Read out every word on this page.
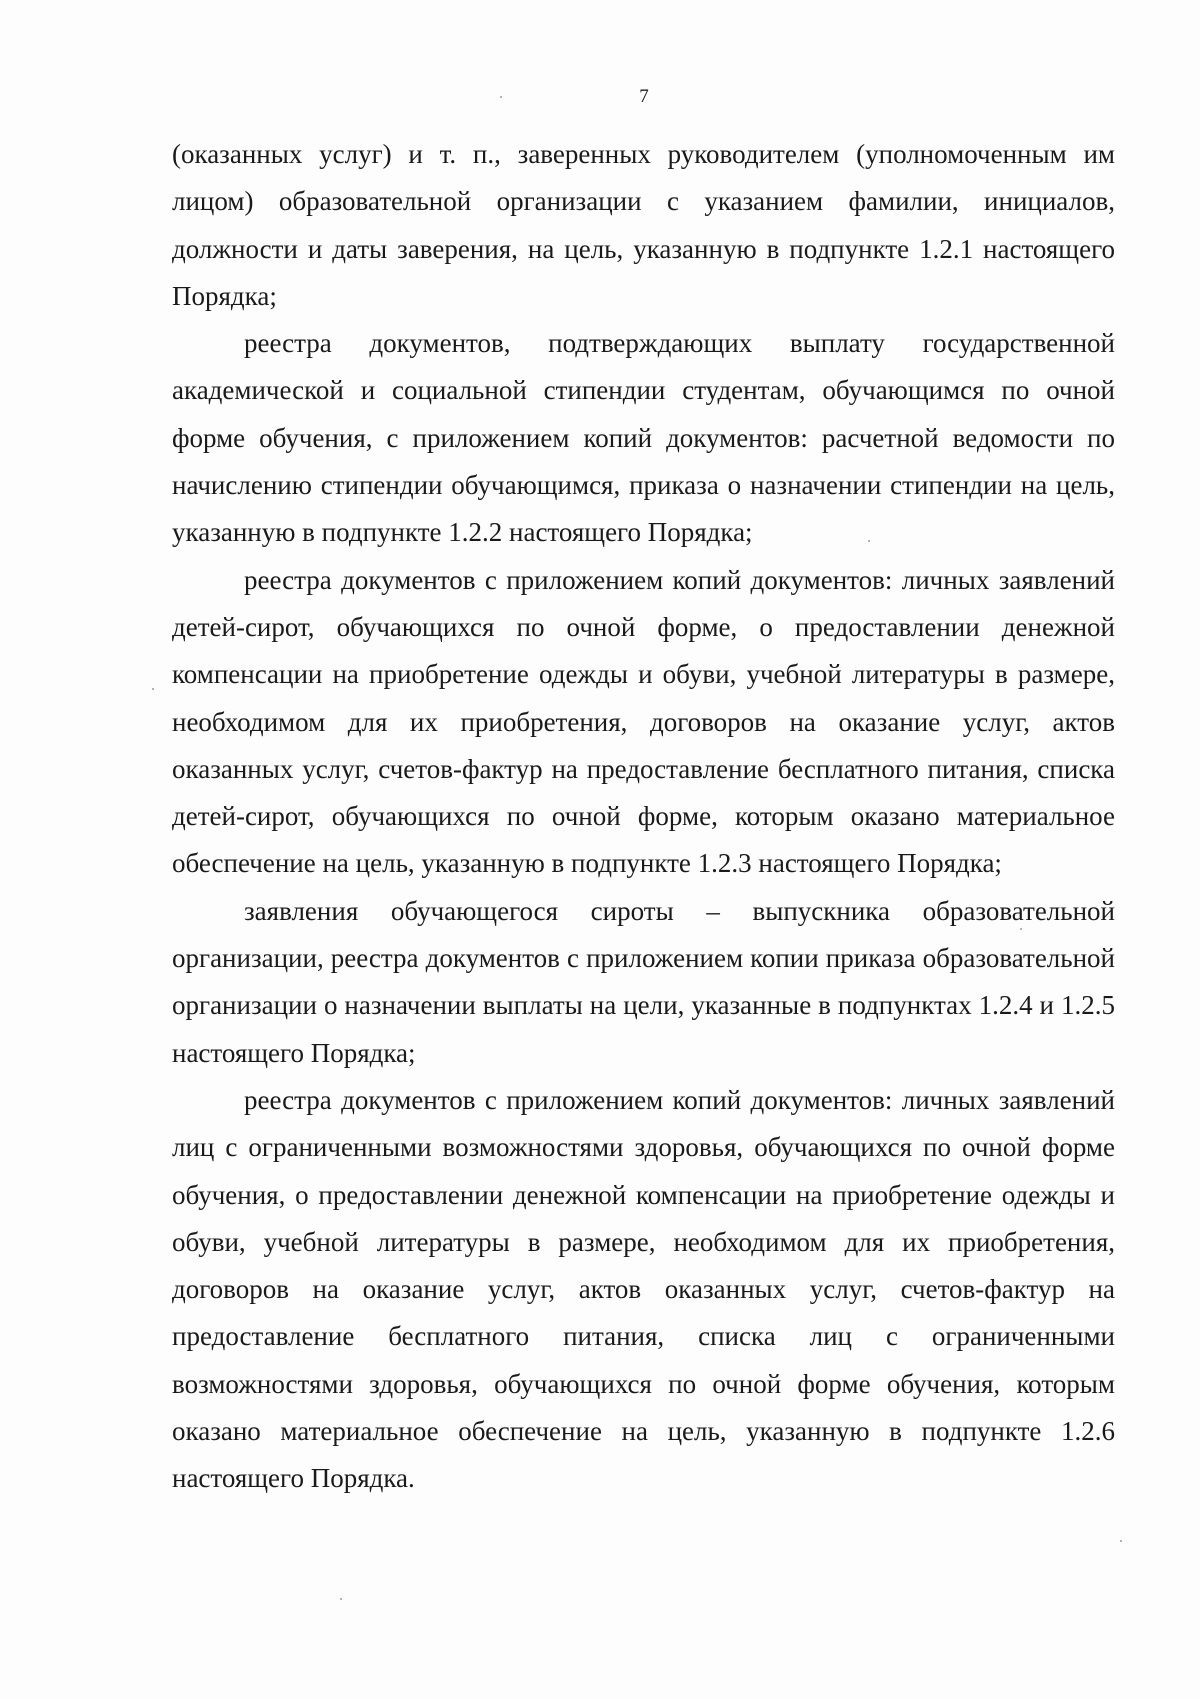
7

(оказанных услуг) и т. п., заверенных руководителем (уполномоченным им лицом) образовательной организации с указанием фамилии, инициалов, должности и даты заверения, на цель, указанную в подпункте 1.2.1 настоящего Порядка;

реестра документов, подтверждающих выплату государственной академической и социальной стипендии студентам, обучающимся по очной форме обучения, с приложением копий документов: расчетной ведомости по начислению стипендии обучающимся, приказа о назначении стипендии на цель, указанную в подпункте 1.2.2 настоящего Порядка;

реестра документов с приложением копий документов: личных заявлений детей-сирот, обучающихся по очной форме, о предоставлении денежной компенсации на приобретение одежды и обуви, учебной литературы в размере, необходимом для их приобретения, договоров на оказание услуг, актов оказанных услуг, счетов-фактур на предоставление бесплатного питания, списка детей-сирот, обучающихся по очной форме, которым оказано материальное обеспечение на цель, указанную в подпункте 1.2.3 настоящего Порядка;

заявления обучающегося сироты – выпускника образовательной организации, реестра документов с приложением копии приказа образовательной организации о назначении выплаты на цели, указанные в подпунктах 1.2.4 и 1.2.5 настоящего Порядка;

реестра документов с приложением копий документов: личных заявлений лиц с ограниченными возможностями здоровья, обучающихся по очной форме обучения, о предоставлении денежной компенсации на приобретение одежды и обуви, учебной литературы в размере, необходимом для их приобретения, договоров на оказание услуг, актов оказанных услуг, счетов-фактур на предоставление бесплатного питания, списка лиц с ограниченными возможностями здоровья, обучающихся по очной форме обучения, которым оказано материальное обеспечение на цель, указанную в подпункте 1.2.6 настоящего Порядка.
